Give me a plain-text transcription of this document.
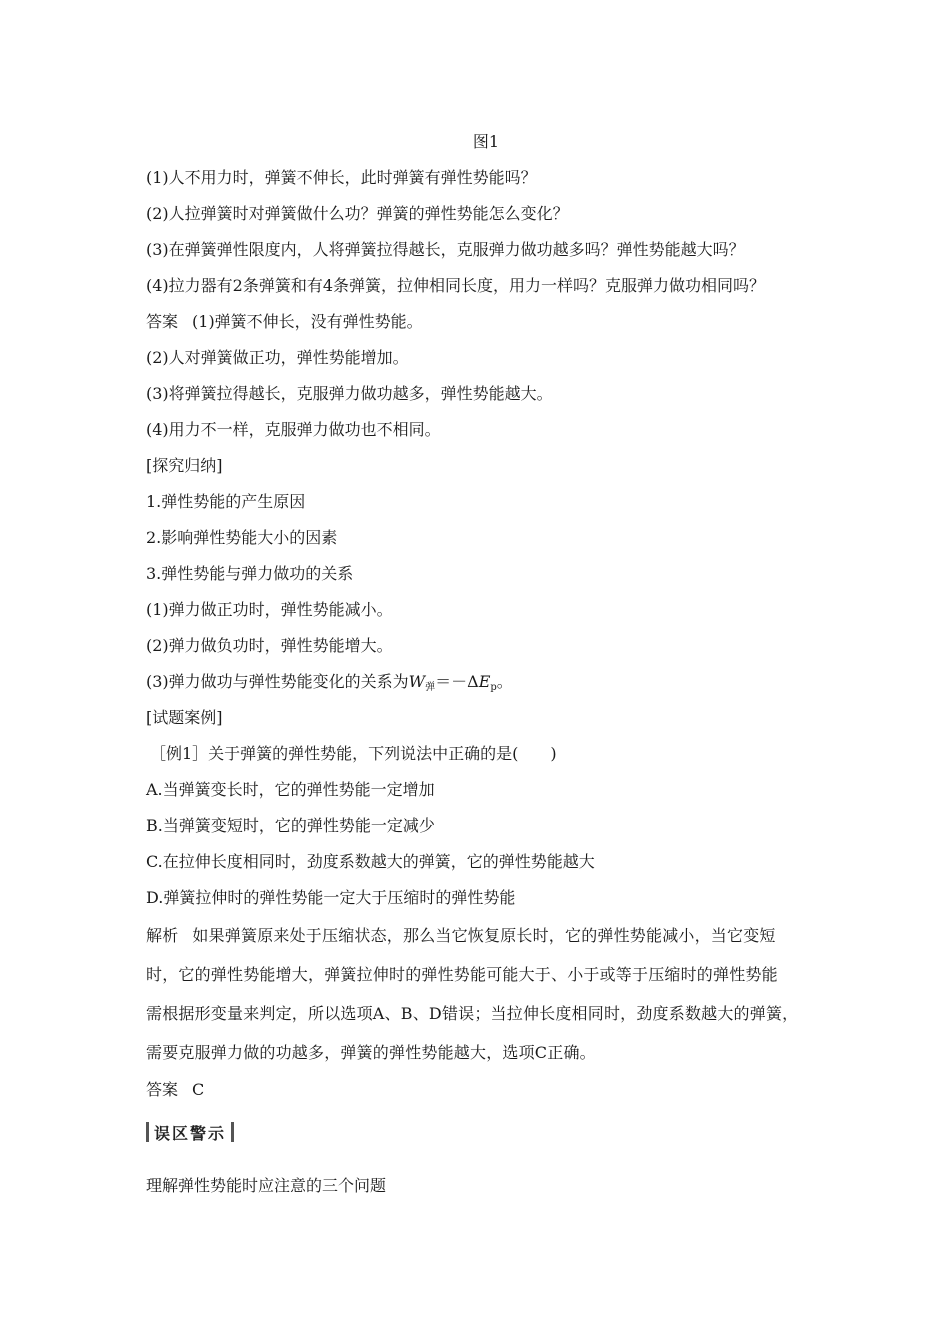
图1
(1)人不用力时，弹簧不伸长，此时弹簧有弹性势能吗？
(2)人拉弹簧时对弹簧做什么功？弹簧的弹性势能怎么变化？
(3)在弹簧弹性限度内，人将弹簧拉得越长，克服弹力做功越多吗？弹性势能越大吗？
(4)拉力器有2条弹簧和有4条弹簧，拉伸相同长度，用力一样吗？克服弹力做功相同吗？
答案 (1)弹簧不伸长，没有弹性势能。
(2)人对弹簧做正功，弹性势能增加。
(3)将弹簧拉得越长，克服弹力做功越多，弹性势能越大。
(4)用力不一样，克服弹力做功也不相同。
[探究归纳]
1.弹性势能的产生原因
2.影响弹性势能大小的因素
3.弹性势能与弹力做功的关系
(1)弹力做正功时，弹性势能减小。
(2)弹力做负功时，弹性势能增大。
(3)弹力做功与弹性势能变化的关系为$W_弹=-\Delta E_p$。
[试题案例]
［例1］关于弹簧的弹性势能，下列说法中正确的是(　　)
A.当弹簧变长时，它的弹性势能一定增加
B.当弹簧变短时，它的弹性势能一定减少
C.在拉伸长度相同时，劲度系数越大的弹簧，它的弹性势能越大
D.弹簧拉伸时的弹性势能一定大于压缩时的弹性势能
解析 如果弹簧原来处于压缩状态，那么当它恢复原长时，它的弹性势能减小，当它变短
时，它的弹性势能增大，弹簧拉伸时的弹性势能可能大于、小于或等于压缩时的弹性势能
需根据形变量来判定，所以选项A、B、D错误；当拉伸长度相同时，劲度系数越大的弹簧，
需要克服弹力做的功越多，弹簧的弹性势能越大，选项C正确。
答案 C
误区警示
理解弹性势能时应注意的三个问题
